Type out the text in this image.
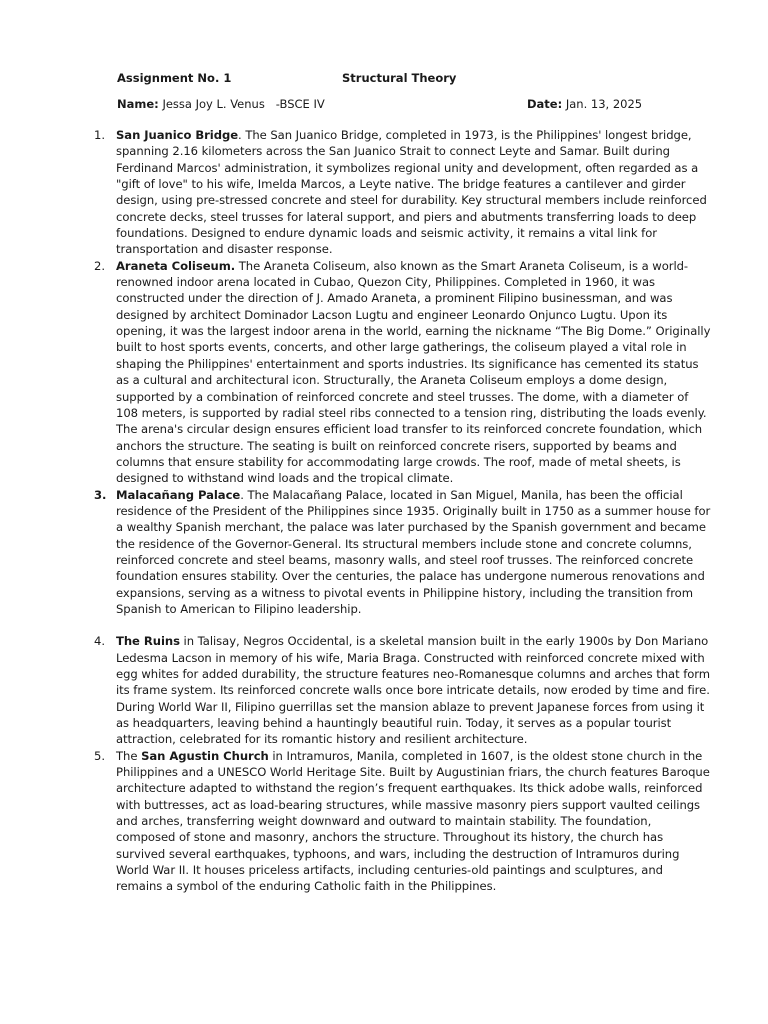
Assignment No. 1	Structural Theory
Name: Jessa Joy L. Venus   -BSCE IV	Date: Jan. 13, 2025
1. San Juanico Bridge. The San Juanico Bridge, completed in 1973, is the Philippines' longest bridge, spanning 2.16 kilometers across the San Juanico Strait to connect Leyte and Samar. Built during Ferdinand Marcos' administration, it symbolizes regional unity and development, often regarded as a "gift of love" to his wife, Imelda Marcos, a Leyte native. The bridge features a cantilever and girder design, using pre-stressed concrete and steel for durability. Key structural members include reinforced concrete decks, steel trusses for lateral support, and piers and abutments transferring loads to deep foundations. Designed to endure dynamic loads and seismic activity, it remains a vital link for transportation and disaster response.
2. Araneta Coliseum. The Araneta Coliseum, also known as the Smart Araneta Coliseum, is a world-renowned indoor arena located in Cubao, Quezon City, Philippines. Completed in 1960, it was constructed under the direction of J. Amado Araneta, a prominent Filipino businessman, and was designed by architect Dominador Lacson Lugtu and engineer Leonardo Onjunco Lugtu. Upon its opening, it was the largest indoor arena in the world, earning the nickname “The Big Dome.” Originally built to host sports events, concerts, and other large gatherings, the coliseum played a vital role in shaping the Philippines' entertainment and sports industries. Its significance has cemented its status as a cultural and architectural icon. Structurally, the Araneta Coliseum employs a dome design, supported by a combination of reinforced concrete and steel trusses. The dome, with a diameter of 108 meters, is supported by radial steel ribs connected to a tension ring, distributing the loads evenly. The arena's circular design ensures efficient load transfer to its reinforced concrete foundation, which anchors the structure. The seating is built on reinforced concrete risers, supported by beams and columns that ensure stability for accommodating large crowds. The roof, made of metal sheets, is designed to withstand wind loads and the tropical climate.
3. Malacañang Palace. The Malacañang Palace, located in San Miguel, Manila, has been the official residence of the President of the Philippines since 1935. Originally built in 1750 as a summer house for a wealthy Spanish merchant, the palace was later purchased by the Spanish government and became the residence of the Governor-General. Its structural members include stone and concrete columns, reinforced concrete and steel beams, masonry walls, and steel roof trusses. The reinforced concrete foundation ensures stability. Over the centuries, the palace has undergone numerous renovations and expansions, serving as a witness to pivotal events in Philippine history, including the transition from Spanish to American to Filipino leadership.
4. The Ruins in Talisay, Negros Occidental, is a skeletal mansion built in the early 1900s by Don Mariano Ledesma Lacson in memory of his wife, Maria Braga. Constructed with reinforced concrete mixed with egg whites for added durability, the structure features neo-Romanesque columns and arches that form its frame system. Its reinforced concrete walls once bore intricate details, now eroded by time and fire. During World War II, Filipino guerrillas set the mansion ablaze to prevent Japanese forces from using it as headquarters, leaving behind a hauntingly beautiful ruin. Today, it serves as a popular tourist attraction, celebrated for its romantic history and resilient architecture.
5. The San Agustin Church in Intramuros, Manila, completed in 1607, is the oldest stone church in the Philippines and a UNESCO World Heritage Site. Built by Augustinian friars, the church features Baroque architecture adapted to withstand the region’s frequent earthquakes. Its thick adobe walls, reinforced with buttresses, act as load-bearing structures, while massive masonry piers support vaulted ceilings and arches, transferring weight downward and outward to maintain stability. The foundation, composed of stone and masonry, anchors the structure. Throughout its history, the church has survived several earthquakes, typhoons, and wars, including the destruction of Intramuros during World War II. It houses priceless artifacts, including centuries-old paintings and sculptures, and remains a symbol of the enduring Catholic faith in the Philippines.
